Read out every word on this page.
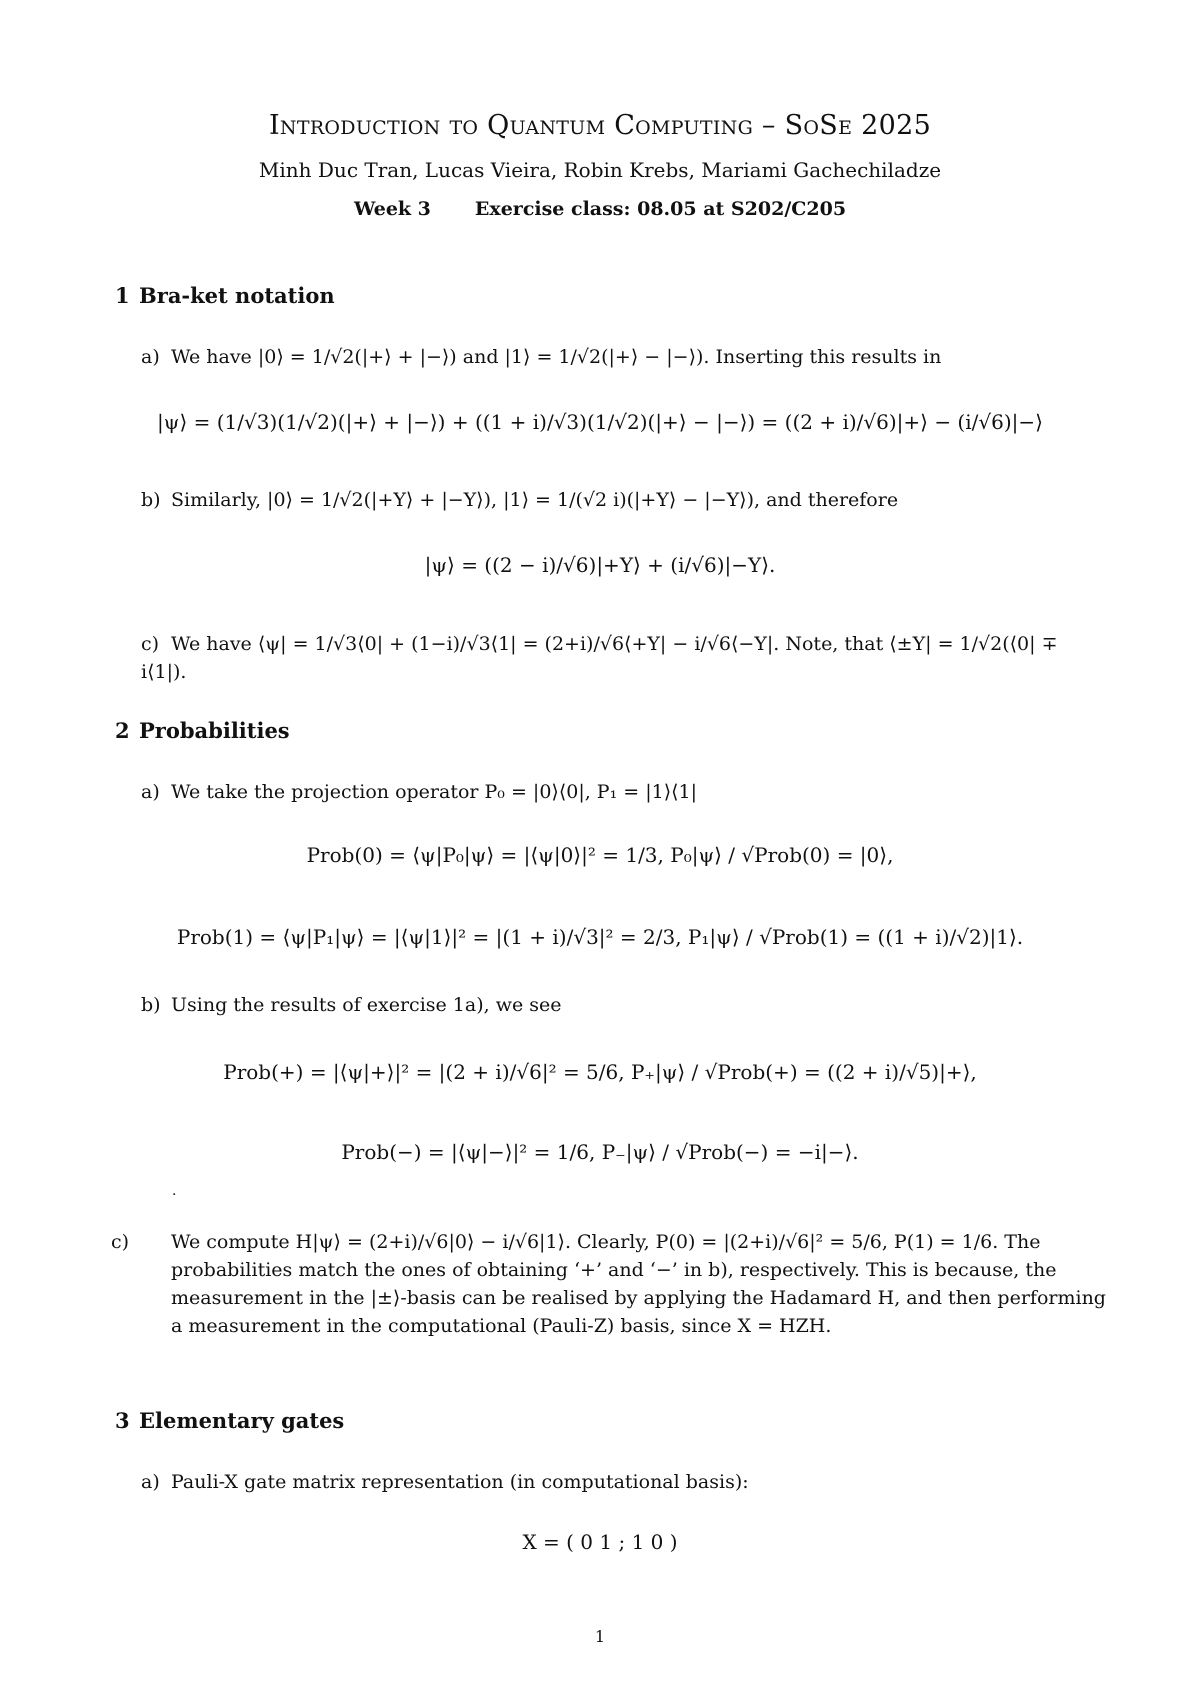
Introduction to Quantum Computing – SoSe 2025
Minh Duc Tran, Lucas Vieira, Robin Krebs, Mariami Gachechiladze
Week 3 Exercise class: 08.05 at S202/C205
1 Bra-ket notation
a) We have |0⟩ = 1/√2(|+⟩ + |−⟩) and |1⟩ = 1/√2(|+⟩ − |−⟩). Inserting this results in
|ψ⟩ = (1/√3)(1/√2)(|+⟩ + |−⟩) + ((1 + i)/√3)(1/√2)(|+⟩ − |−⟩) = ((2 + i)/√6)|+⟩ − (i/√6)|−⟩
b) Similarly, |0⟩ = 1/√2(|+Y⟩ + |−Y⟩), |1⟩ = 1/(√2 i)(|+Y⟩ − |−Y⟩), and therefore
|ψ⟩ = ((2 − i)/√6)|+Y⟩ + (i/√6)|−Y⟩.
c) We have ⟨ψ| = 1/√3⟨0| + (1−i)/√3⟨1| = (2+i)/√6⟨+Y| − i/√6⟨−Y|. Note, that ⟨±Y| = 1/√2(⟨0| ∓ i⟨1|).
2 Probabilities
a) We take the projection operator P₀ = |0⟩⟨0|, P₁ = |1⟩⟨1|
Prob(0) = ⟨ψ|P₀|ψ⟩ = |⟨ψ|0⟩|² = 1/3, P₀|ψ⟩ / √Prob(0) = |0⟩,
Prob(1) = ⟨ψ|P₁|ψ⟩ = |⟨ψ|1⟩|² = |(1 + i)/√3|² = 2/3, P₁|ψ⟩ / √Prob(1) = ((1 + i)/√2)|1⟩.
b) Using the results of exercise 1a), we see
Prob(+) = |⟨ψ|+⟩|² = |(2 + i)/√6|² = 5/6, P₊|ψ⟩ / √Prob(+) = ((2 + i)/√5)|+⟩,
Prob(−) = |⟨ψ|−⟩|² = 1/6, P₋|ψ⟩ / √Prob(−) = −i|−⟩.
.
c) We compute H|ψ⟩ = (2+i)/√6|0⟩ − i/√6|1⟩. Clearly, P(0) = |(2+i)/√6|² = 5/6, P(1) = 1/6. The probabilities match the ones of obtaining ‘+’ and ‘−’ in b), respectively. This is because, the measurement in the |±⟩-basis can be realised by applying the Hadamard H, and then performing a measurement in the computational (Pauli-Z) basis, since X = HZH.
3 Elementary gates
a) Pauli-X gate matrix representation (in computational basis):
X = ( 0 1 ; 1 0 )
1
